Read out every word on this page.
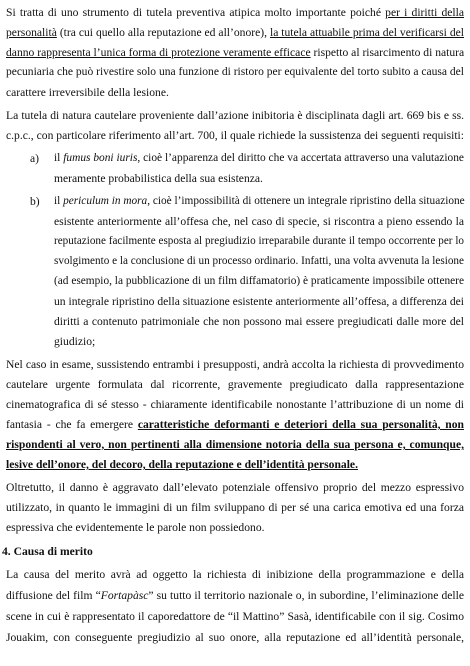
Si tratta di uno strumento di tutela preventiva atipica molto importante poiché per i diritti della
personalità (tra cui quello alla reputazione ed all’onore), la tutela attuabile prima del verificarsi del
danno rappresenta l’unica forma di protezione veramente efficace rispetto al risarcimento di natura
pecuniaria che può rivestire solo una funzione di ristoro per equivalente del torto subito a causa del
carattere irreversibile della lesione.
La tutela di natura cautelare proveniente dall’azione inibitoria è disciplinata dagli art. 669 bis e ss.
c.p.c., con particolare riferimento all’art. 700, il quale richiede la sussistenza dei seguenti requisiti:
a) il fumus boni iuris, cioè l’apparenza del diritto che va accertata attraverso una valutazione
meramente probabilistica della sua esistenza.
b) il periculum in mora, cioè l’impossibilità di ottenere un integrale ripristino della situazione
esistente anteriormente all’offesa che, nel caso di specie, si riscontra a pieno essendo la
reputazione facilmente esposta al pregiudizio irreparabile durante il tempo occorrente per lo
svolgimento e la conclusione di un processo ordinario. Infatti, una volta avvenuta la lesione
(ad esempio, la pubblicazione di un film diffamatorio) è praticamente impossibile ottenere
un integrale ripristino della situazione esistente anteriormente all’offesa, a differenza dei
diritti a contenuto patrimoniale che non possono mai essere pregiudicati dalle more del
giudizio;
Nel caso in esame, sussistendo entrambi i presupposti, andrà accolta la richiesta di provvedimento
cautelare urgente formulata dal ricorrente, gravemente pregiudicato dalla rappresentazione
cinematografica di sé stesso - chiaramente identificabile nonostante l’attribuzione di un nome di
fantasia - che fa emergere caratteristiche deformanti e deteriori della sua personalità, non
rispondenti al vero, non pertinenti alla dimensione notoria della sua persona e, comunque,
lesive dell’onore, del decoro, della reputazione e dell’identità personale.
Oltretutto, il danno è aggravato dall’elevato potenziale offensivo proprio del mezzo espressivo
utilizzato, in quanto le immagini di un film sviluppano di per sé una carica emotiva ed una forza
espressiva che evidentemente le parole non possiedono.
4. Causa di merito
La causa del merito avrà ad oggetto la richiesta di inibizione della programmazione e della
diffusione del film “Fortapàsc” su tutto il territorio nazionale o, in subordine, l’eliminazione delle
scene in cui è rappresentato il caporedattore de “il Mattino” Sasà, identificabile con il sig. Cosimo
Jouakim, con conseguente pregiudizio al suo onore, alla reputazione ed all’identità personale,
